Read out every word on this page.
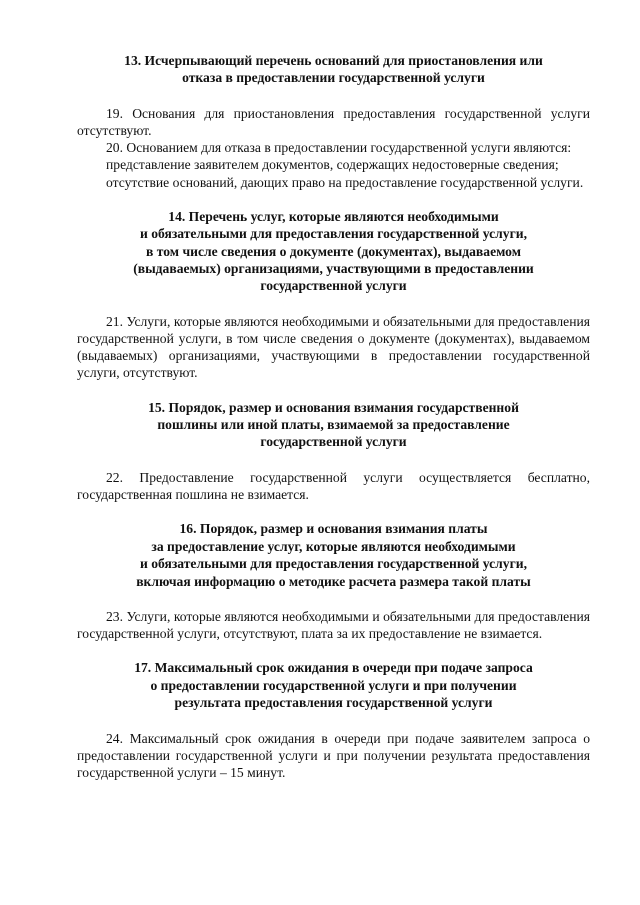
13. Исчерпывающий перечень оснований для приостановления или
отказа в предоставлении государственной услуги

19. Основания для приостановления предоставления государственной услуги отсутствуют.

20. Основанием для отказа в предоставлении государственной услуги являются:

представление заявителем документов, содержащих недостоверные сведения;

отсутствие оснований, дающих право на предоставление государственной услуги.

14. Перечень услуг, которые являются необходимыми
и обязательными для предоставления государственной услуги,
в том числе сведения о документе (документах), выдаваемом
(выдаваемых) организациями, участвующими в предоставлении
государственной услуги

21. Услуги, которые являются необходимыми и обязательными для предоставления государственной услуги, в том числе сведения о документе (документах), выдаваемом (выдаваемых) организациями, участвующими в предоставлении государственной услуги, отсутствуют.

15. Порядок, размер и основания взимания государственной
пошлины или иной платы, взимаемой за предоставление
государственной услуги

22. Предоставление государственной услуги осуществляется бесплатно, государственная пошлина не взимается.

16. Порядок, размер и основания взимания платы
за предоставление услуг, которые являются необходимыми
и обязательными для предоставления государственной услуги,
включая информацию о методике расчета размера такой платы

23. Услуги, которые являются необходимыми и обязательными для предоставления государственной услуги, отсутствуют, плата за их предоставление не взимается.

17. Максимальный срок ожидания в очереди при подаче запроса
о предоставлении государственной услуги и при получении
результата предоставления государственной услуги

24. Максимальный срок ожидания в очереди при подаче заявителем запроса о предоставлении государственной услуги и при получении результата предоставления государственной услуги – 15 минут.
